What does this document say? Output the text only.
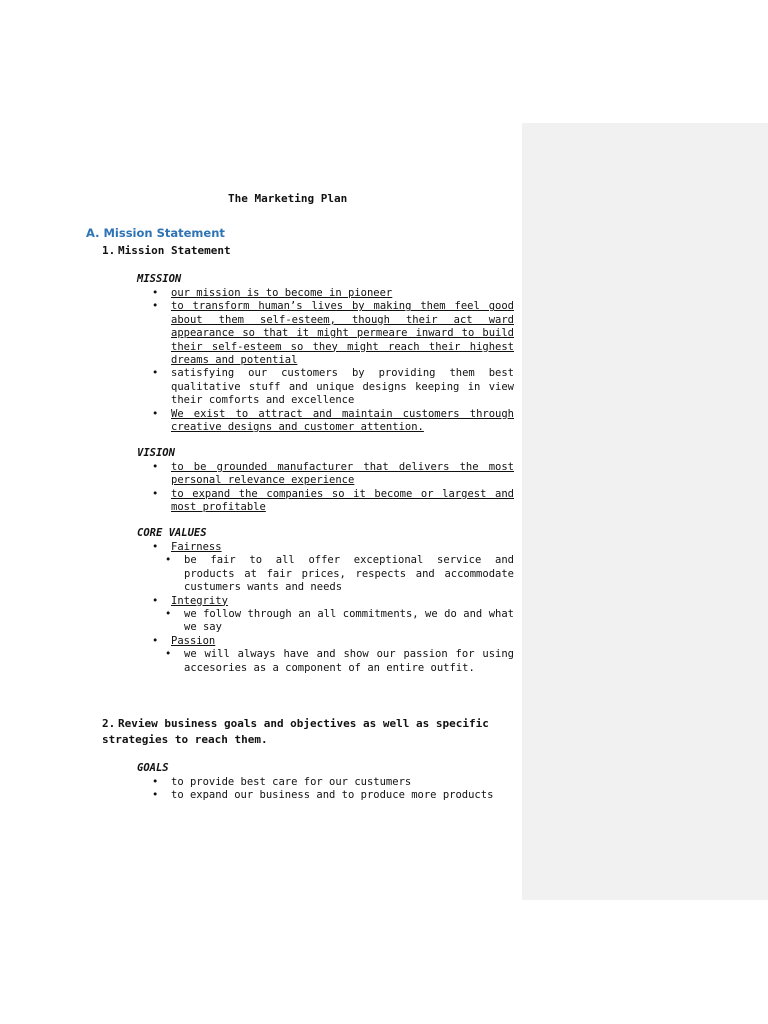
The Marketing Plan
A. Mission Statement
1. Mission Statement
MISSION
• our mission is to become in pioneer
• to transform human’s lives by making them feel good about them self-esteem, though their act ward appearance so that it might permeare inward to build their self-esteem so they might reach their highest dreams and potential
• satisfying our customers by providing them best qualitative stuff and unique designs keeping in view their comforts and excellence
• We exist to attract and maintain customers through creative designs and customer attention.
VISION
• to be grounded manufacturer that delivers the most personal relevance experience
• to expand the companies so it become or largest and most profitable
CORE VALUES
• Fairness
• be fair to all offer exceptional service and products at fair prices, respects and accommodate custumers wants and needs
• Integrity
• we follow through an all commitments, we do and what we say
• Passion
• we will always have and show our passion for using accesories as a component of an entire outfit.
2. Review business goals and objectives as well as specific strategies to reach them.
GOALS
• to provide best care for our custumers
• to expand our business and to produce more products
